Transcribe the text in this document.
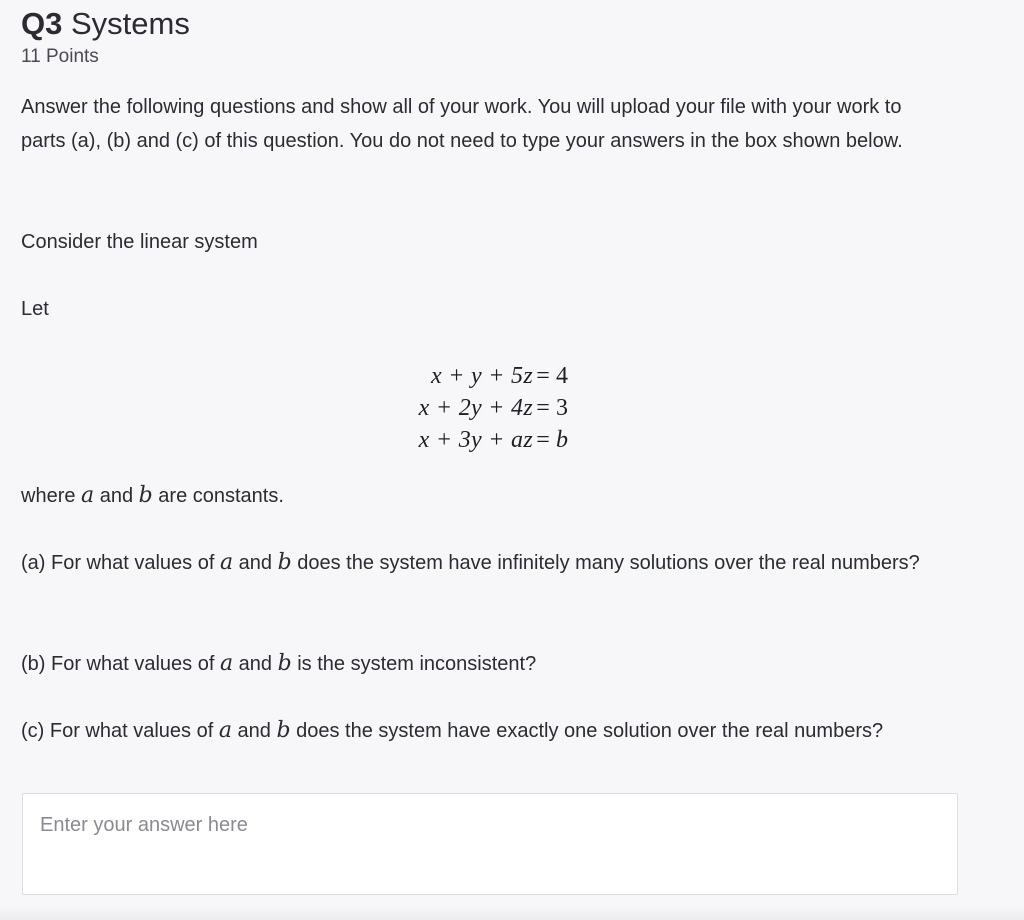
Q3 Systems
11 Points
Answer the following questions and show all of your work. You will upload your file with your work to parts (a), (b) and (c) of this question. You do not need to type your answers in the box shown below.
Consider the linear system
Let
x + y + 5z = 4
x + 2y + 4z = 3
x + 3y + az = b
where a and b are constants.
(a) For what values of a and b does the system have infinitely many solutions over the real numbers?
(b) For what values of a and b is the system inconsistent?
(c) For what values of a and b does the system have exactly one solution over the real numbers?
Enter your answer here
